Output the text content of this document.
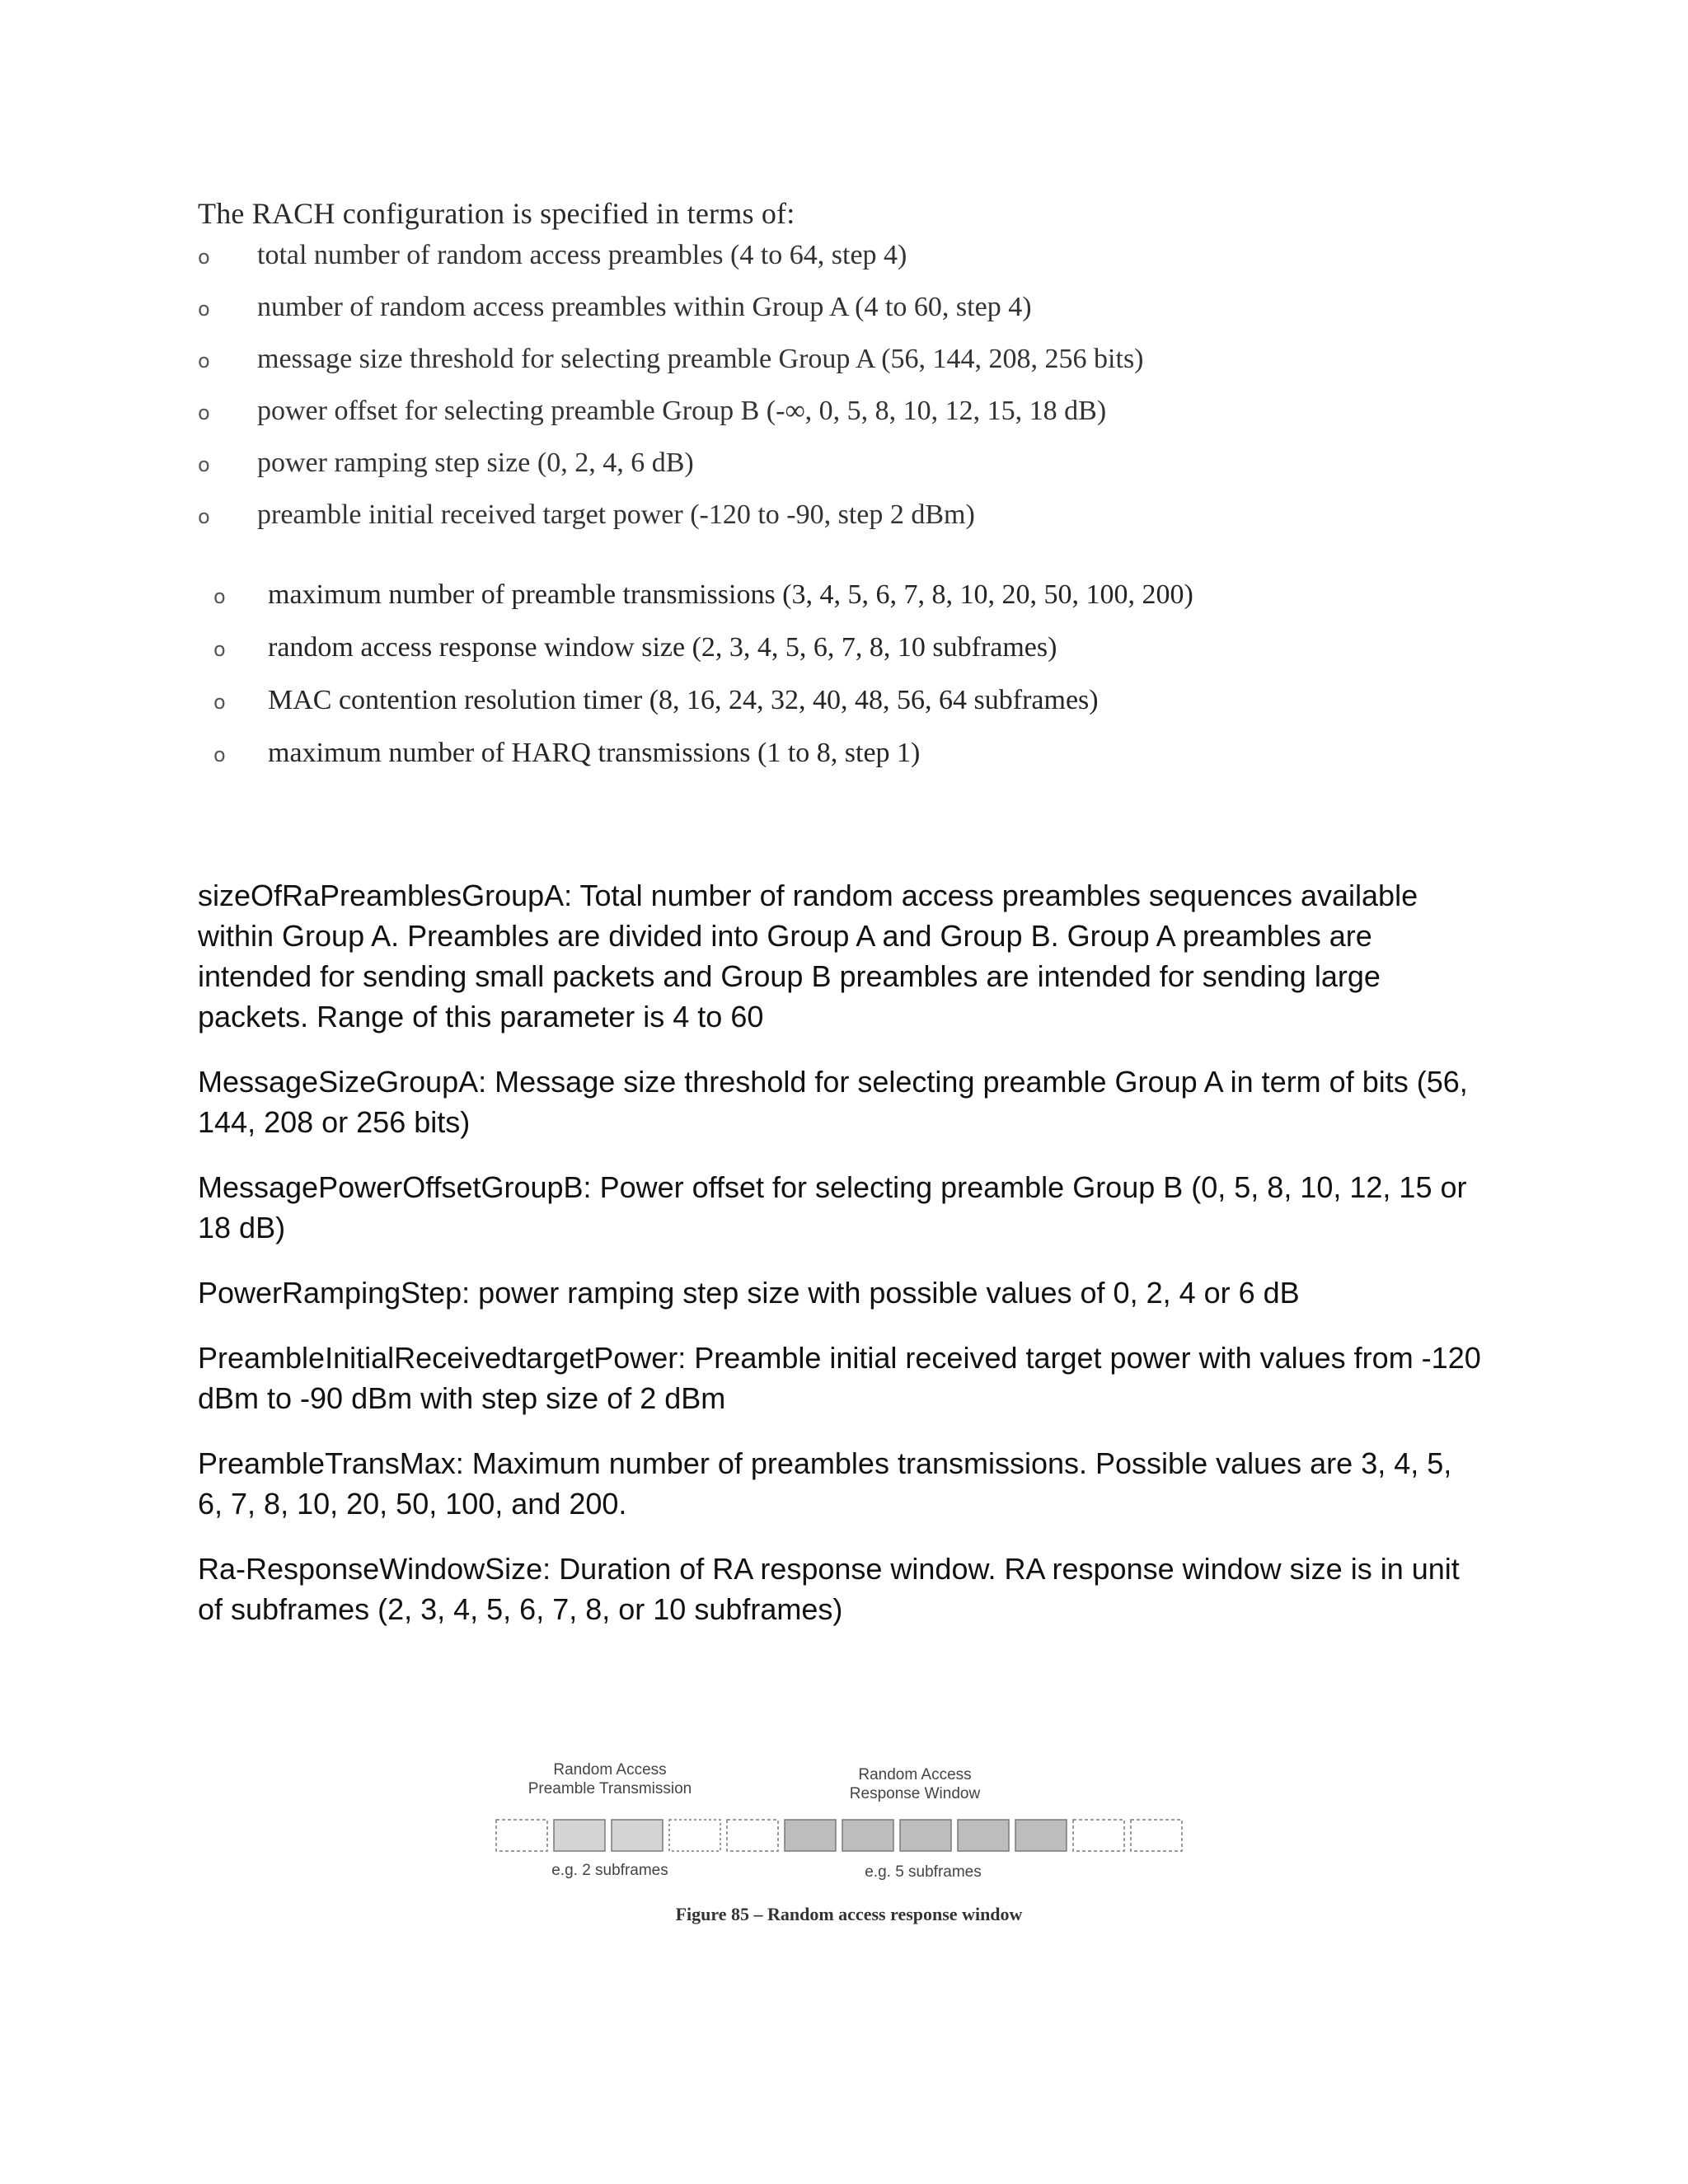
The RACH configuration is specified in terms of:
o total number of random access preambles (4 to 64, step 4)
o number of random access preambles within Group A (4 to 60, step 4)
o message size threshold for selecting preamble Group A (56, 144, 208, 256 bits)
o power offset for selecting preamble Group B (-∞, 0, 5, 8, 10, 12, 15, 18 dB)
o power ramping step size (0, 2, 4, 6 dB)
o preamble initial received target power (-120 to -90, step 2 dBm)
o maximum number of preamble transmissions (3, 4, 5, 6, 7, 8, 10, 20, 50, 100, 200)
o random access response window size (2, 3, 4, 5, 6, 7, 8, 10 subframes)
o MAC contention resolution timer (8, 16, 24, 32, 40, 48, 56, 64 subframes)
o maximum number of HARQ transmissions (1 to 8, step 1)

sizeOfRaPreamblesGroupA: Total number of random access preambles sequences available within Group A. Preambles are divided into Group A and Group B. Group A preambles are intended for sending small packets and Group B preambles are intended for sending large packets. Range of this parameter is 4 to 60

MessageSizeGroupA: Message size threshold for selecting preamble Group A in term of bits (56, 144, 208 or 256 bits)

MessagePowerOffsetGroupB: Power offset for selecting preamble Group B (0, 5, 8, 10, 12, 15 or 18 dB)

PowerRampingStep: power ramping step size with possible values of 0, 2, 4 or 6 dB

PreambleInitialReceivedtargetPower: Preamble initial received target power with values from -120 dBm to -90 dBm with step size of 2 dBm

PreambleTransMax: Maximum number of preambles transmissions. Possible values are 3, 4, 5, 6, 7, 8, 10, 20, 50, 100, and 200.

Ra-ResponseWindowSize: Duration of RA response window. RA response window size is in unit of subframes (2, 3, 4, 5, 6, 7, 8, or 10 subframes)

Random Access
Preamble Transmission
Random Access
Response Window
e.g. 2 subframes	e.g. 5 subframes
Figure 85 – Random access response window
